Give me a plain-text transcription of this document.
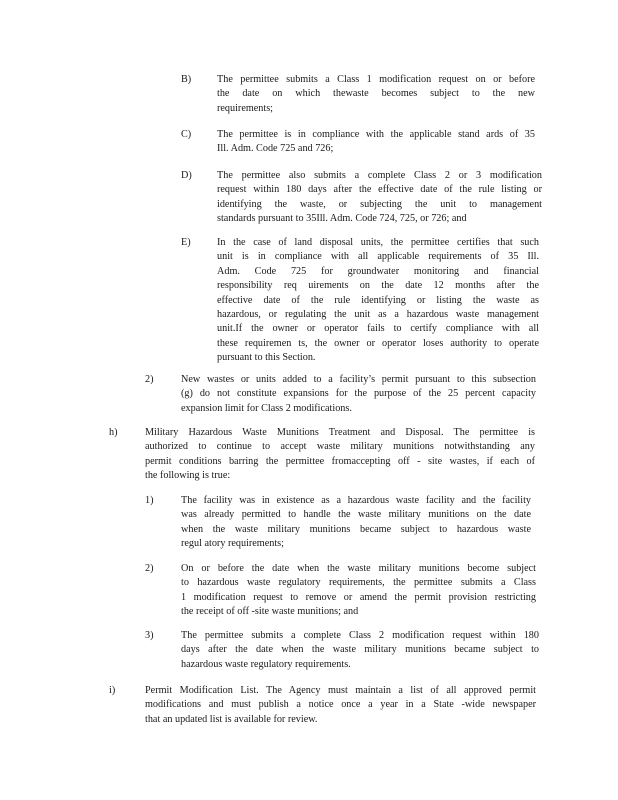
B)	The permittee submits a Class 1 modification request on or before
the date on which thewaste becomes subject to the new
requirements;
C)	The permittee is in compliance with the applicable stand ards of 35
Ill. Adm. Code 725 and 726;
D) The permittee also submits a complete Class 2 or 3 modification
request within 180 days after the effective date of the rule listing or
identifying the waste, or subjecting the unit to management
standards pursuant to 35Ill. Adm. Code 724, 725, or 726; and
E)	In the case of land disposal units, the permittee certifies that such
unit is in compliance with all applicable requirements of 35 Ill.
Adm. Code 725 for groundwater monitoring and financial
responsibility req uirements on the date 12 months after the
effective date of the rule identifying or listing the waste as
hazardous, or regulating the unit as a hazardous waste management
unit.If the owner or operator fails to certify compliance with all
these requiremen ts, the owner or operator loses authority to operate
pursuant to this Section.
2)	New wastes or units added to a facility’s permit pursuant to this subsection
(g) do not constitute expansions for the purpose of the 25 percent capacity
expansion limit for Class 2 modifications.
h)	Military Hazardous Waste Munitions Treatment and Disposal. The permittee is
authorized to continue to accept waste military munitions notwithstanding any
permit conditions barring the permittee fromaccepting off - site wastes, if each of
the following is true:
1)	The facility was in existence as a hazardous waste facility and the facility
was already permitted to handle the waste military munitions on the date
when the waste military munitions became subject to hazardous waste
regul atory requirements;
2)	On or before the date when the waste military munitions become subject
to hazardous waste regulatory requirements, the permittee submits a Class
1 modification request to remove or amend the permit provision restricting
the receipt of off -site waste munitions; and
3)	The permittee submits a complete Class 2 modification request within 180
days after the date when the waste military munitions became subject to
hazardous waste regulatory requirements.
i)	Permit Modification List. The Agency must maintain a list of all approved permit
modifications and must publish a notice once a year in a State -wide newspaper
that an updated list is available for review.
